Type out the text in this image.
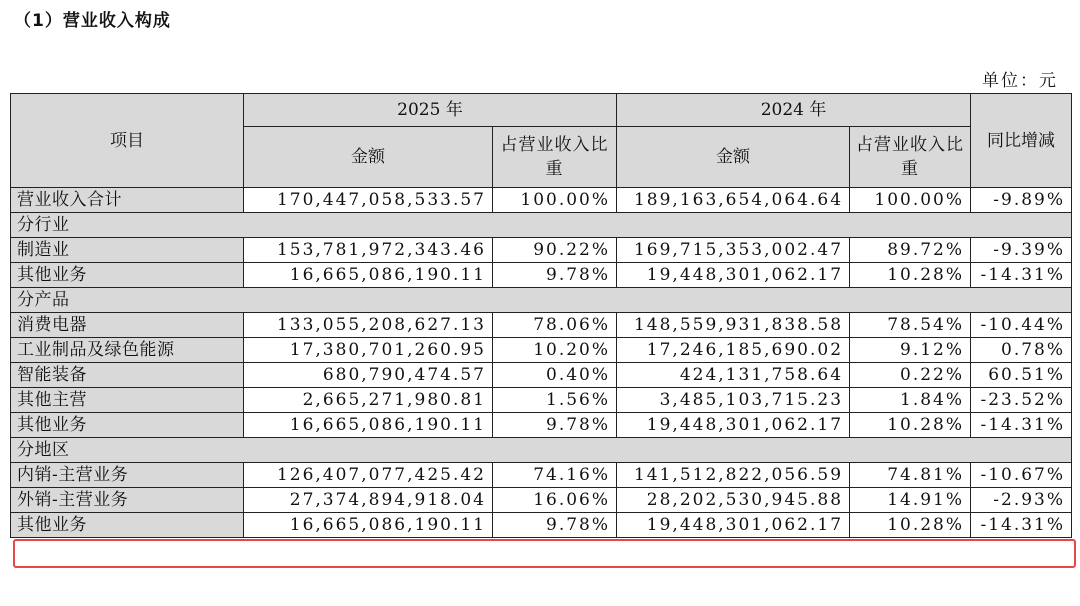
（1）营业收入构成
单位：元
项目	2025 年		2024 年		同比增减
	金额	占营业收入比重	金额	占营业收入比重	
营业收入合计	170,447,058,533.57	100.00%	189,163,654,064.64	100.00%	-9.89%
分行业					
制造业	153,781,972,343.46	90.22%	169,715,353,002.47	89.72%	-9.39%
其他业务	16,665,086,190.11	9.78%	19,448,301,062.17	10.28%	-14.31%
分产品					
消费电器	133,055,208,627.13	78.06%	148,559,931,838.58	78.54%	-10.44%
工业制品及绿色能源	17,380,701,260.95	10.20%	17,246,185,690.02	9.12%	0.78%
智能装备	680,790,474.57	0.40%	424,131,758.64	0.22%	60.51%
其他主营	2,665,271,980.81	1.56%	3,485,103,715.23	1.84%	-23.52%
其他业务	16,665,086,190.11	9.78%	19,448,301,062.17	10.28%	-14.31%
分地区					
内销-主营业务	126,407,077,425.42	74.16%	141,512,822,056.59	74.81%	-10.67%
外销-主营业务	27,374,894,918.04	16.06%	28,202,530,945.88	14.91%	-2.93%
其他业务	16,665,086,190.11	9.78%	19,448,301,062.17	10.28%	-14.31%
